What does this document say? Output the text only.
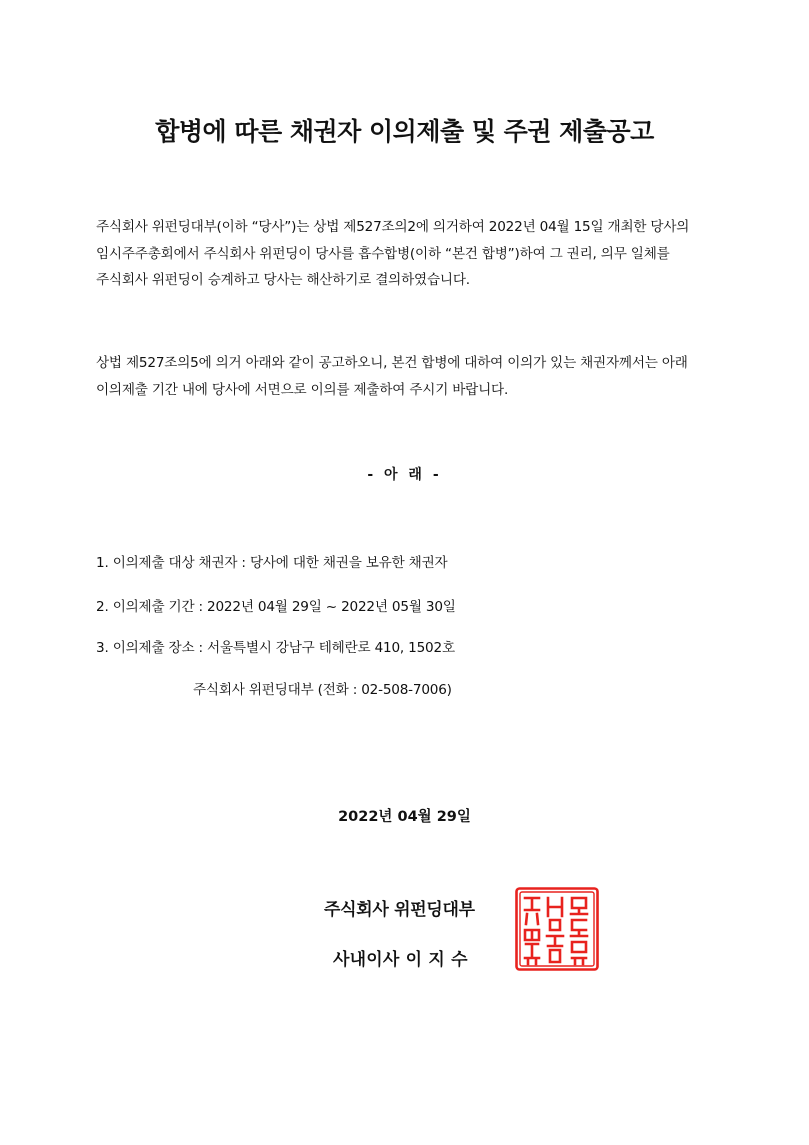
합병에 따른 채권자 이의제출 및 주권 제출공고
주식회사 위펀딩대부(이하 “당사”)는 상법 제527조의2에 의거하여 2022년 04월 15일 개최한 당사의
임시주주총회에서 주식회사 위펀딩이 당사를 흡수합병(이하 “본건 합병”)하여 그 권리, 의무 일체를
주식회사 위펀딩이 승계하고 당사는 해산하기로 결의하였습니다.
상법 제527조의5에 의거 아래와 같이 공고하오니, 본건 합병에 대하여 이의가 있는 채권자께서는 아래
이의제출 기간 내에 당사에 서면으로 이의를 제출하여 주시기 바랍니다.
- 아 래 -
1. 이의제출 대상 채권자 : 당사에 대한 채권을 보유한 채권자
2. 이의제출 기간 : 2022년 04월 29일 ~ 2022년 05월 30일
3. 이의제출 장소 : 서울특별시 강남구 테헤란로 410, 1502호
주식회사 위펀딩대부 (전화 : 02-508-7006)
2022년 04월 29일
주식회사 위펀딩대부
사내이사 이 지 수
